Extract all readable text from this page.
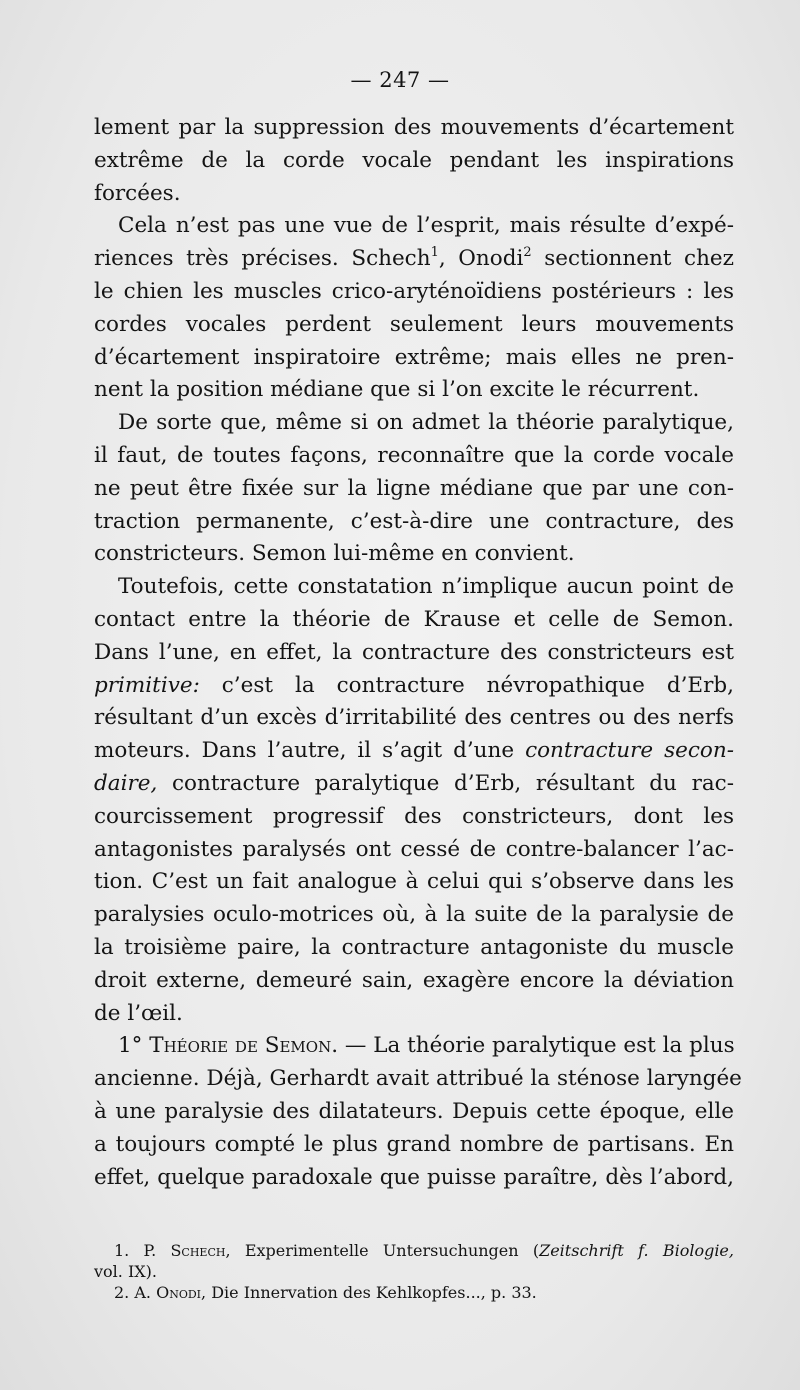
— 247 —
lement par la suppression des mouvements d’écartement
extrême de la corde vocale pendant les inspirations
forcées.
Cela n’est pas une vue de l’esprit, mais résulte d’expé-
riences très précises. Schech$^1$, Onodi$^2$ sectionnent chez
le chien les muscles crico-aryténoïdiens postérieurs : les
cordes vocales perdent seulement leurs mouvements
d’écartement inspiratoire extrême; mais elles ne pren-
nent la position médiane que si l’on excite le récurrent.
De sorte que, même si on admet la théorie paralytique,
il faut, de toutes façons, reconnaître que la corde vocale
ne peut être fixée sur la ligne médiane que par une con-
traction permanente, c’est-à-dire une contracture, des
constricteurs. Semon lui-même en convient.
Toutefois, cette constatation n’implique aucun point de
contact entre la théorie de Krause et celle de Semon.
Dans l’une, en effet, la contracture des constricteurs est
primitive: c’est la contracture névropathique d’Erb,
résultant d’un excès d’irritabilité des centres ou des nerfs
moteurs. Dans l’autre, il s’agit d’une contracture secon-
daire, contracture paralytique d’Erb, résultant du rac-
courcissement progressif des constricteurs, dont les
antagonistes paralysés ont cessé de contre-balancer l’ac-
tion. C’est un fait analogue à celui qui s’observe dans les
paralysies oculo-motrices où, à la suite de la paralysie de
la troisième paire, la contracture antagoniste du muscle
droit externe, demeuré sain, exagère encore la déviation
de l’œil.
1° Théorie de Semon. — La théorie paralytique est la plus
ancienne. Déjà, Gerhardt avait attribué la sténose laryngée
à une paralysie des dilatateurs. Depuis cette époque, elle
a toujours compté le plus grand nombre de partisans. En
effet, quelque paradoxale que puisse paraître, dès l’abord,
1. P. Schech, Experimentelle Untersuchungen (Zeitschrift f. Biologie,
vol. IX).
2. A. Onodi, Die Innervation des Kehlkopfes..., p. 33.
